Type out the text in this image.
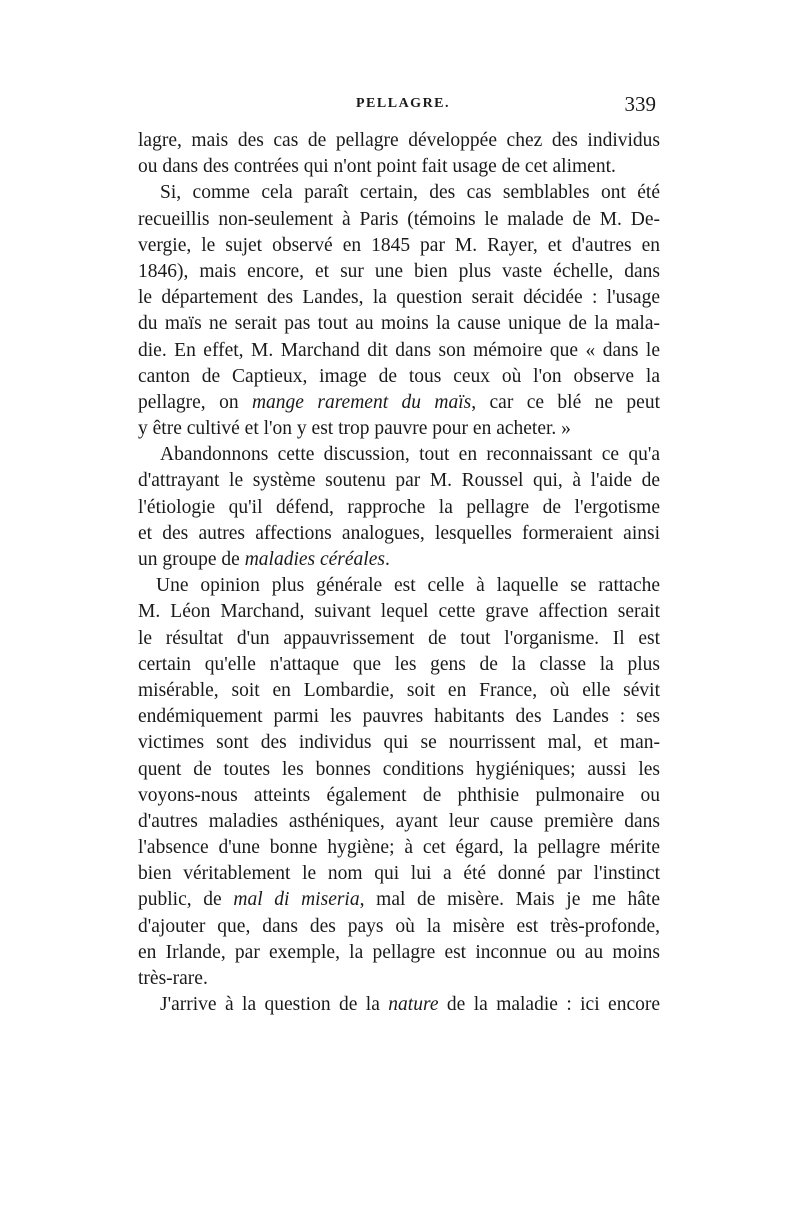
PELLAGRE.	339
lagre, mais des cas de pellagre développée chez des individus
ou dans des contrées qui n'ont point fait usage de cet aliment.
Si, comme cela paraît certain, des cas semblables ont été
recueillis non-seulement à Paris (témoins le malade de M. De-
vergie, le sujet observé en 1845 par M. Rayer, et d'autres en
1846), mais encore, et sur une bien plus vaste échelle, dans
le département des Landes, la question serait décidée : l'usage
du maïs ne serait pas tout au moins la cause unique de la mala-
die. En effet, M. Marchand dit dans son mémoire que « dans le
canton de Captieux, image de tous ceux où l'on observe la
pellagre, on mange rarement du maïs, car ce blé ne peut
y être cultivé et l'on y est trop pauvre pour en acheter. »
Abandonnons cette discussion, tout en reconnaissant ce qu'a
d'attrayant le système soutenu par M. Roussel qui, à l'aide de
l'étiologie qu'il défend, rapproche la pellagre de l'ergotisme
et des autres affections analogues, lesquelles formeraient ainsi
un groupe de maladies céréales.
Une opinion plus générale est celle à laquelle se rattache
M. Léon Marchand, suivant lequel cette grave affection serait
le résultat d'un appauvrissement de tout l'organisme. Il est
certain qu'elle n'attaque que les gens de la classe la plus
misérable, soit en Lombardie, soit en France, où elle sévit
endémiquement parmi les pauvres habitants des Landes : ses
victimes sont des individus qui se nourrissent mal, et man-
quent de toutes les bonnes conditions hygiéniques; aussi les
voyons-nous atteints également de phthisie pulmonaire ou
d'autres maladies asthéniques, ayant leur cause première dans
l'absence d'une bonne hygiène; à cet égard, la pellagre mérite
bien véritablement le nom qui lui a été donné par l'instinct
public, de mal di miseria, mal de misère. Mais je me hâte
d'ajouter que, dans des pays où la misère est très-profonde,
en Irlande, par exemple, la pellagre est inconnue ou au moins
très-rare.
J'arrive à la question de la nature de la maladie : ici encore
